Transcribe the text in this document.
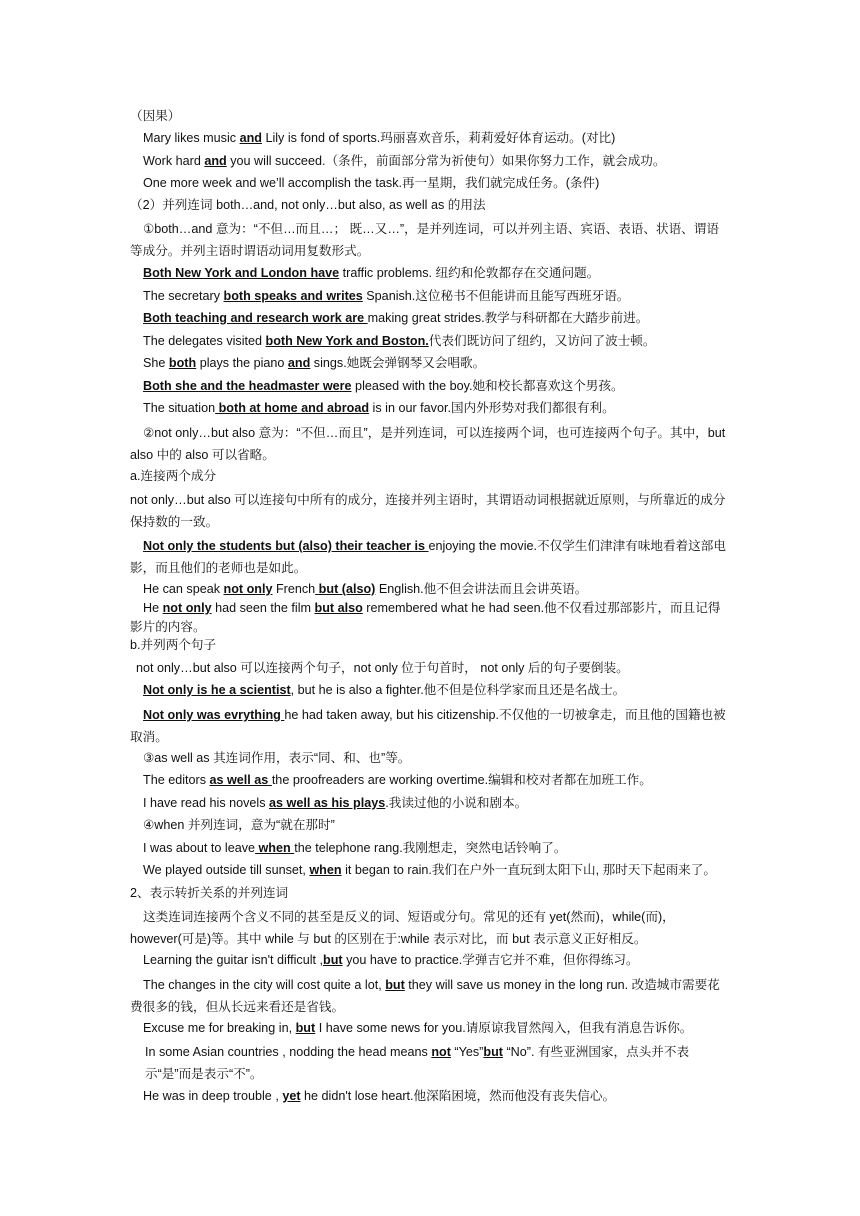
（因果）
Mary likes music and Lily is fond of sports.玛丽喜欢音乐，莉莉爱好体育运动。(对比)
Work hard and you will succeed.（条件，前面部分常为祈使句）如果你努力工作，就会成功。
One more week and we’ll accomplish the task.再一星期，我们就完成任务。(条件)
（2）并列连词 both…and, not only…but also, as well as 的用法
①both…and 意为：“不但…而且…； 既…又…”，是并列连词，可以并列主语、宾语、表语、状语、谓语等成分。并列主语时谓语动词用复数形式。
Both New York and London have traffic problems. 纽约和伦敦都存在交通问题。
The secretary both speaks and writes Spanish.这位秘书不但能讲而且能写西班牙语。
Both teaching and research work are making great strides.教学与科研都在大踏步前进。
The delegates visited both New York and Boston.代表们既访问了纽约，又访问了波士顿。
She both plays the piano and sings.她既会弹钢琴又会唱歌。
Both she and the headmaster were pleased with the boy.她和校长都喜欢这个男孩。
The situation both at home and abroad is in our favor.国内外形势对我们都很有利。
②not only…but also 意为：“不但…而且”，是并列连词，可以连接两个词，也可连接两个句子。其中，but also 中的 also 可以省略。
a.连接两个成分
not only…but also 可以连接句中所有的成分，连接并列主语时，其谓语动词根据就近原则，与所靠近的成分保持数的一致。
Not only the students but (also) their teacher is enjoying the movie.不仅学生们津津有味地看着这部电影，而且他们的老师也是如此。
He can speak not only French but (also) English.他不但会讲法而且会讲英语。
He not only had seen the film but also remembered what he had seen.他不仅看过那部影片，而且记得影片的内容。
b.并列两个句子
not only…but also 可以连接两个句子，not only 位于句首时， not only 后的句子要倒装。
Not only is he a scientist, but he is also a fighter.他不但是位科学家而且还是名战士。
Not only was evrything he had taken away, but his citizenship.不仅他的一切被拿走，而且他的国籍也被取消。
③as well as 其连词作用，表示“同、和、也”等。
The editors as well as the proofreaders are working overtime.编辑和校对者都在加班工作。
I have read his novels as well as his plays.我读过他的小说和剧本。
④when 并列连词，意为“就在那时”
I was about to leave when the telephone rang.我刚想走，突然电话铃响了。
We played outside till sunset, when it began to rain.我们在户外一直玩到太阳下山, 那时天下起雨来了。
2、表示转折关系的并列连词
这类连词连接两个含义不同的甚至是反义的词、短语或分句。常见的还有 yet(然而)，while(而)，however(可是)等。其中 while 与 but 的区别在于:while 表示对比，而 but 表示意义正好相反。
Learning the guitar isn't difficult ,but you have to practice.学弹吉它并不难，但你得练习。
The changes in the city will cost quite a lot, but they will save us money in the long run. 改造城市需要花费很多的钱，但从长远来看还是省钱。
Excuse me for breaking in, but I have some news for you.请原谅我冒然闯入，但我有消息告诉你。
In some Asian countries , nodding the head means not “Yes”but “No”. 有些亚洲国家，点头并不表示“是”而是表示“不”。
He was in deep trouble , yet he didn't lose heart.他深陷困境，然而他没有丧失信心。
